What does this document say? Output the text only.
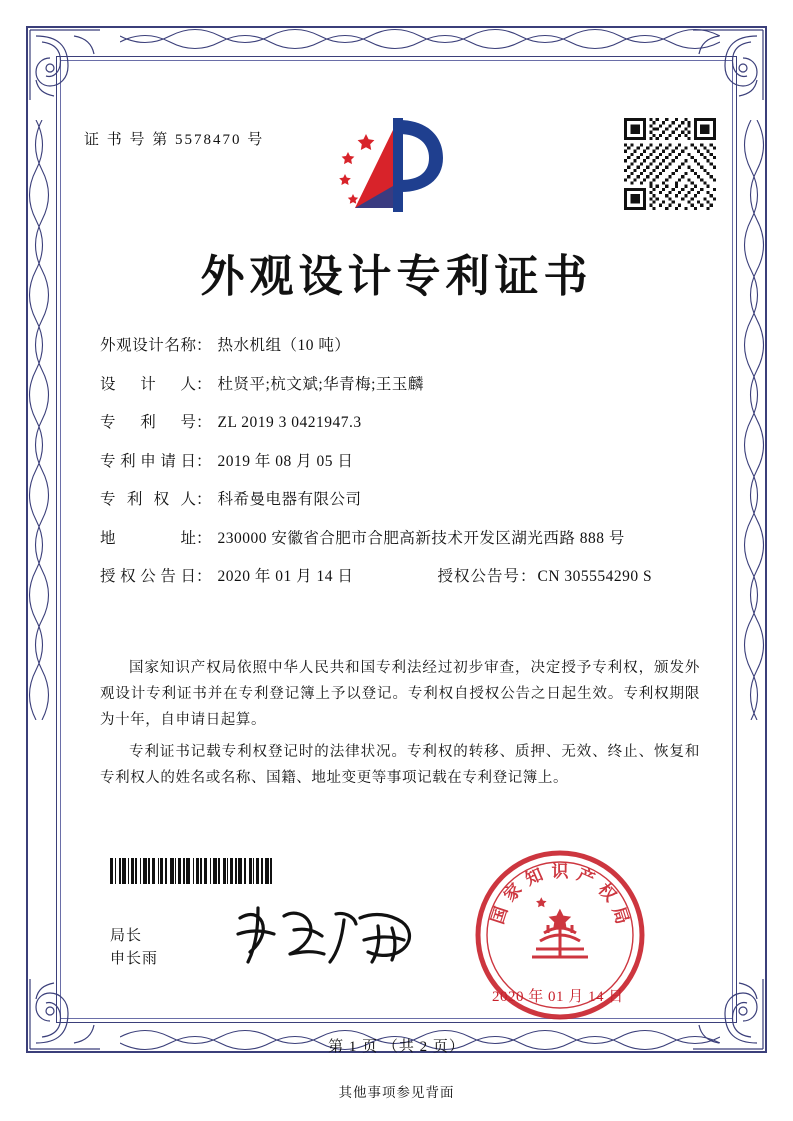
证 书 号 第 5578470 号
外观设计专利证书
外 观 设 计 名 称 ： 热水机组（10 吨）
设 计 人 ： 杜贤平;杭文斌;华青梅;王玉麟
专 利 号 ： ZL 2019 3 0421947.3
专 利 申 请 日 ： 2019 年 08 月 05 日
专 利 权 人 ： 科希曼电器有限公司
地	址 ： 230000 安徽省合肥市合肥高新技术开发区湖光西路 888 号
授 权 公 告 日 ： 2020 年 01 月 14 日	授权公告号： CN 305554290 S

国家知识产权局依照中华人民共和国专利法经过初步审查，决定授予专利权，颁发外观设计专利证书并在专利登记簿上予以登记。专利权自授权公告之日起生效。专利权期限为十年，自申请日起算。

专利证书记载专利权登记时的法律状况。专利权的转移、质押、无效、终止、恢复和专利权人的姓名或名称、国籍、地址变更等事项记载在专利登记簿上。

局长
申长雨
国
家
知 识 产
权
局
2020 年 01 月 14 日
第 1 页 （共 2 页）
其他事项参见背面
